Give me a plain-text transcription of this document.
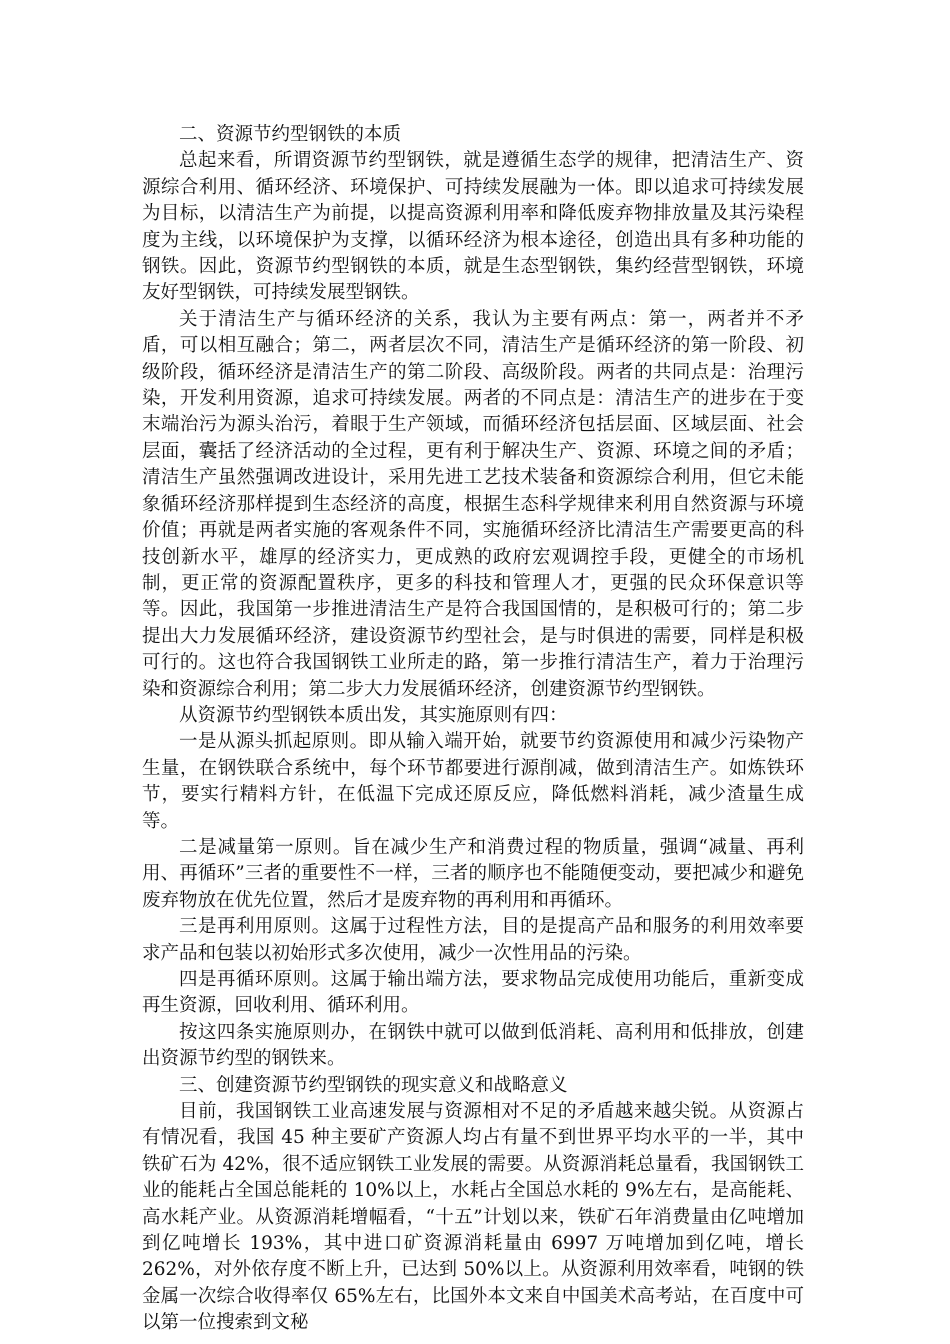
二、资源节约型钢铁的本质

总起来看，所谓资源节约型钢铁，就是遵循生态学的规律，把清洁生产、资源综合利用、循环经济、环境保护、可持续发展融为一体。即以追求可持续发展为目标，以清洁生产为前提，以提高资源利用率和降低废弃物排放量及其污染程度为主线，以环境保护为支撑，以循环经济为根本途径，创造出具有多种功能的钢铁。因此，资源节约型钢铁的本质，就是生态型钢铁，集约经营型钢铁，环境友好型钢铁，可持续发展型钢铁。

关于清洁生产与循环经济的关系，我认为主要有两点：第一，两者并不矛盾，可以相互融合；第二，两者层次不同，清洁生产是循环经济的第一阶段、初级阶段，循环经济是清洁生产的第二阶段、高级阶段。两者的共同点是：治理污染，开发利用资源，追求可持续发展。两者的不同点是：清洁生产的进步在于变末端治污为源头治污，着眼于生产领域，而循环经济包括层面、区域层面、社会层面，囊括了经济活动的全过程，更有利于解决生产、资源、环境之间的矛盾；清洁生产虽然强调改进设计，采用先进工艺技术装备和资源综合利用，但它未能象循环经济那样提到生态经济的高度，根据生态科学规律来利用自然资源与环境价值；再就是两者实施的客观条件不同，实施循环经济比清洁生产需要更高的科技创新水平，雄厚的经济实力，更成熟的政府宏观调控手段，更健全的市场机制，更正常的资源配置秩序，更多的科技和管理人才，更强的民众环保意识等等。因此，我国第一步推进清洁生产是符合我国国情的，是积极可行的；第二步提出大力发展循环经济，建设资源节约型社会，是与时俱进的需要，同样是积极可行的。这也符合我国钢铁工业所走的路，第一步推行清洁生产，着力于治理污染和资源综合利用；第二步大力发展循环经济，创建资源节约型钢铁。

从资源节约型钢铁本质出发，其实施原则有四：

一是从源头抓起原则。即从输入端开始，就要节约资源使用和减少污染物产生量，在钢铁联合系统中，每个环节都要进行源削减，做到清洁生产。如炼铁环节，要实行精料方针，在低温下完成还原反应，降低燃料消耗，减少渣量生成等。

二是减量第一原则。旨在减少生产和消费过程的物质量，强调“减量、再利用、再循环”三者的重要性不一样，三者的顺序也不能随便变动，要把减少和避免废弃物放在优先位置，然后才是废弃物的再利用和再循环。

三是再利用原则。这属于过程性方法，目的是提高产品和服务的利用效率要求产品和包装以初始形式多次使用，减少一次性用品的污染。

四是再循环原则。这属于输出端方法，要求物品完成使用功能后，重新变成再生资源，回收利用、循环利用。

按这四条实施原则办，在钢铁中就可以做到低消耗、高利用和低排放，创建出资源节约型的钢铁来。

三、创建资源节约型钢铁的现实意义和战略意义

目前，我国钢铁工业高速发展与资源相对不足的矛盾越来越尖锐。从资源占有情况看，我国 45 种主要矿产资源人均占有量不到世界平均水平的一半，其中铁矿石为 42%，很不适应钢铁工业发展的需要。从资源消耗总量看，我国钢铁工业的能耗占全国总能耗的 10%以上，水耗占全国总水耗的 9%左右，是高能耗、高水耗产业。从资源消耗增幅看，“十五”计划以来，铁矿石年消费量由亿吨增加到亿吨增长 193%，其中进口矿资源消耗量由 6997 万吨增加到亿吨，增长 262%，对外依存度不断上升，已达到 50%以上。从资源利用效率看，吨钢的铁金属一次综合收得率仅 65%左右，比国外本文来自中国美术高考站，在百度中可以第一位搜索到文秘
